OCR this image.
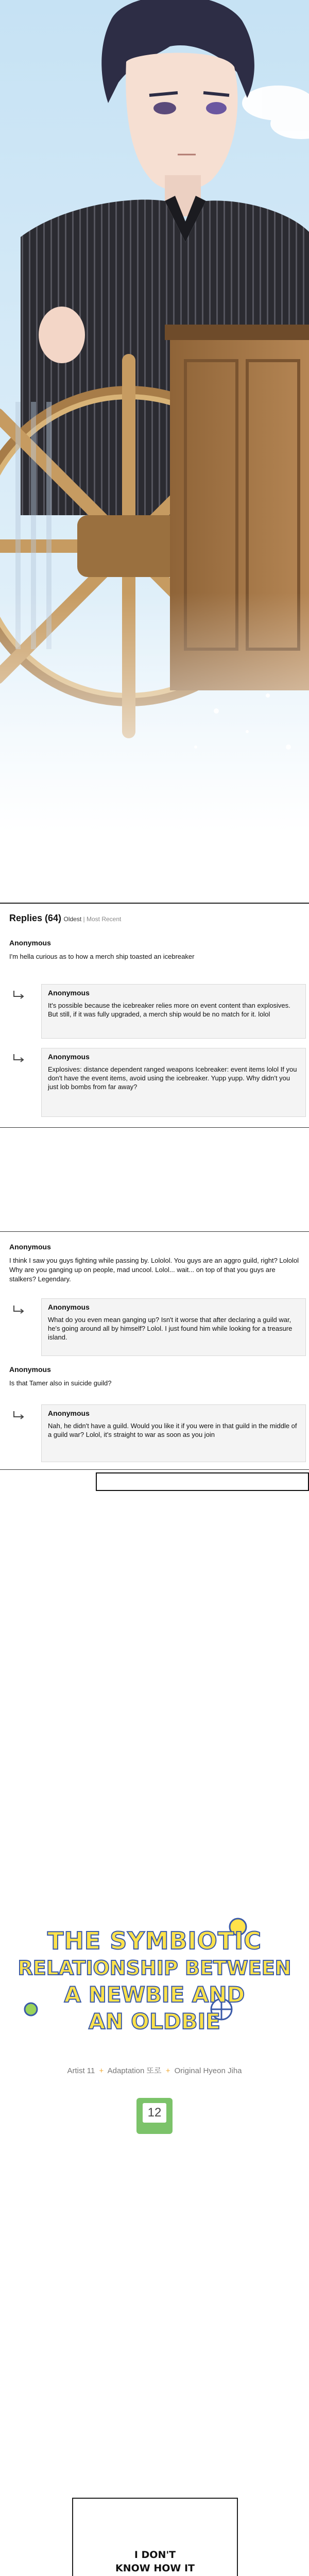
Replies (64) Oldest | Most Recent
Anonymous
I'm hella curious as to how a merch ship toasted an icebreaker
Anonymous
It's possible because the icebreaker relies more on event content than explosives. But still, if it was fully upgraded, a merch ship would be no match for it. lolol
Anonymous
Explosives: distance dependent ranged weapons Icebreaker: event items lolol If you don't have the event items, avoid using the icebreaker. Yupp yupp. Why didn't you just lob bombs from far away?
Anonymous
I think I saw you guys fighting while passing by. Lololol. You guys are an aggro guild, right? Lololol Why are you ganging up on people, mad uncool. Lolol... wait... on top of that you guys are stalkers? Legendary.
Anonymous
What do you even mean ganging up? Isn't it worse that after declaring a guild war, he's going around all by himself? Lolol. I just found him while looking for a treasure island.
Anonymous
Is that Tamer also in suicide guild?
Anonymous
Nah, he didn't have a guild. Would you like it if you were in that guild in the middle of a guild war? Lolol, it's straight to war as soon as you join
THE SYMBIOTIC
RELATIONSHIP BETWEEN
A NEWBIE AND
AN OLDBIE
Artist 11 + Adaptation 또로 + Original Hyeon Jiha
12
I DON'T
KNOW HOW IT
